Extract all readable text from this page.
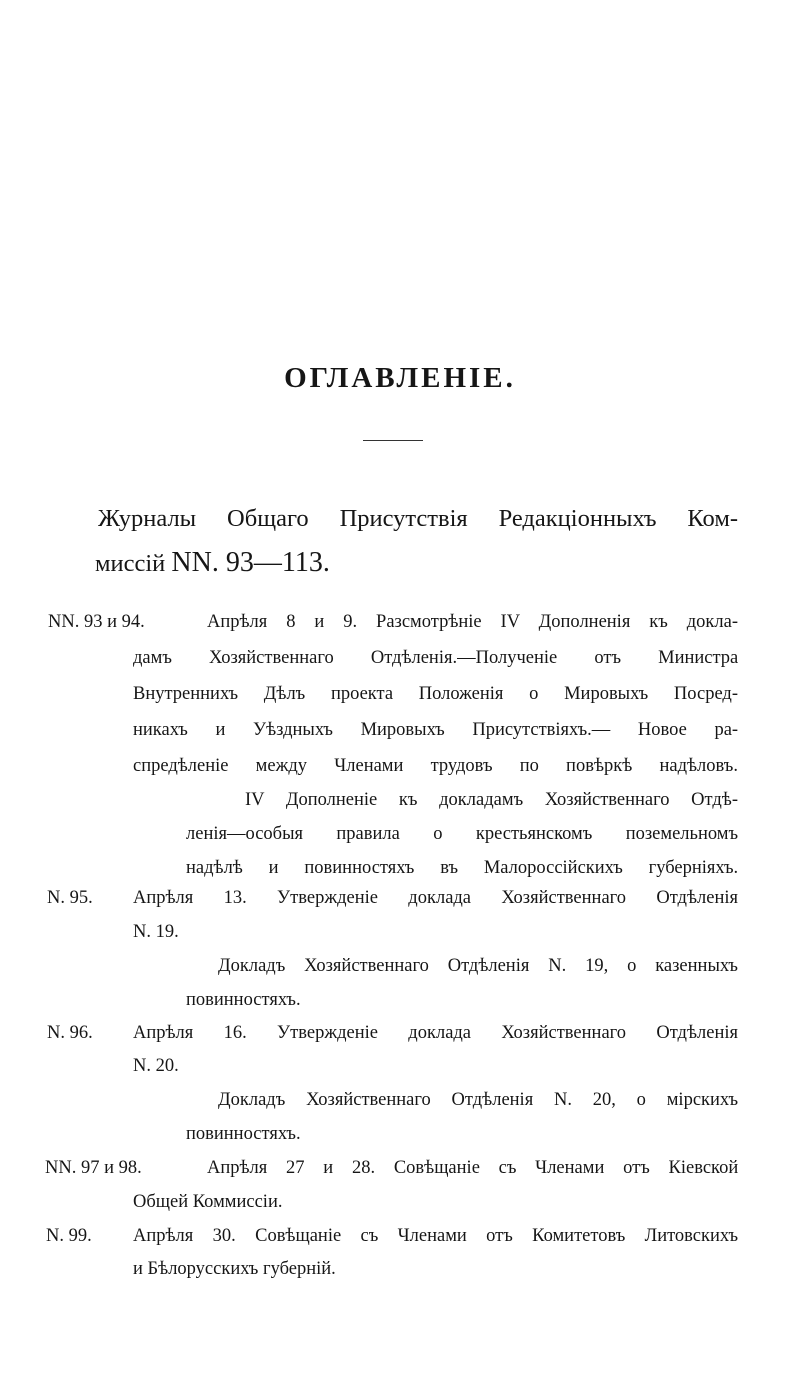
ОГЛАВЛЕНІЕ.
Журналы Общаго Присутствія Редакціонныхъ Ком-
миссій NN. 93—113.
NN. 93 и 94.	Апрѣля 8 и 9. Разсмотрѣніе IV Дополненія къ докла-
дамъ Хозяйственнаго Отдѣленія.—Полученіе отъ Министра
Внутреннихъ Дѣлъ проекта Положенія о Мировыхъ Посред-
никахъ и Уѣздныхъ Мировыхъ Присутствіяхъ.— Новое ра-
спредѣленіе между Членами трудовъ по повѣркѣ надѣловъ.
IV Дополненіе къ докладамъ Хозяйственнаго Отдѣ-
ленія—особыя правила о крестьянскомъ поземельномъ
надѣлѣ и повинностяхъ въ Малороссійскихъ губерніяхъ.
N. 95. Апрѣля 13. Утвержденіе доклада Хозяйственнаго Отдѣленія
N. 19.
Докладъ Хозяйственнаго Отдѣленія N. 19, о казенныхъ
повинностяхъ.
N. 96. Апрѣля 16. Утвержденіе доклада Хозяйственнаго Отдѣленія
N. 20.
Докладъ Хозяйственнаго Отдѣленія N. 20, о мірскихъ
повинностяхъ.
NN. 97 и 98.	Апрѣля 27 и 28. Совѣщаніе съ Членами отъ Кіевской
Общей Коммиссіи.
N. 99. Апрѣля 30. Совѣщаніе съ Членами отъ Комитетовъ Литовскихъ
и Бѣлорусскихъ губерній.
